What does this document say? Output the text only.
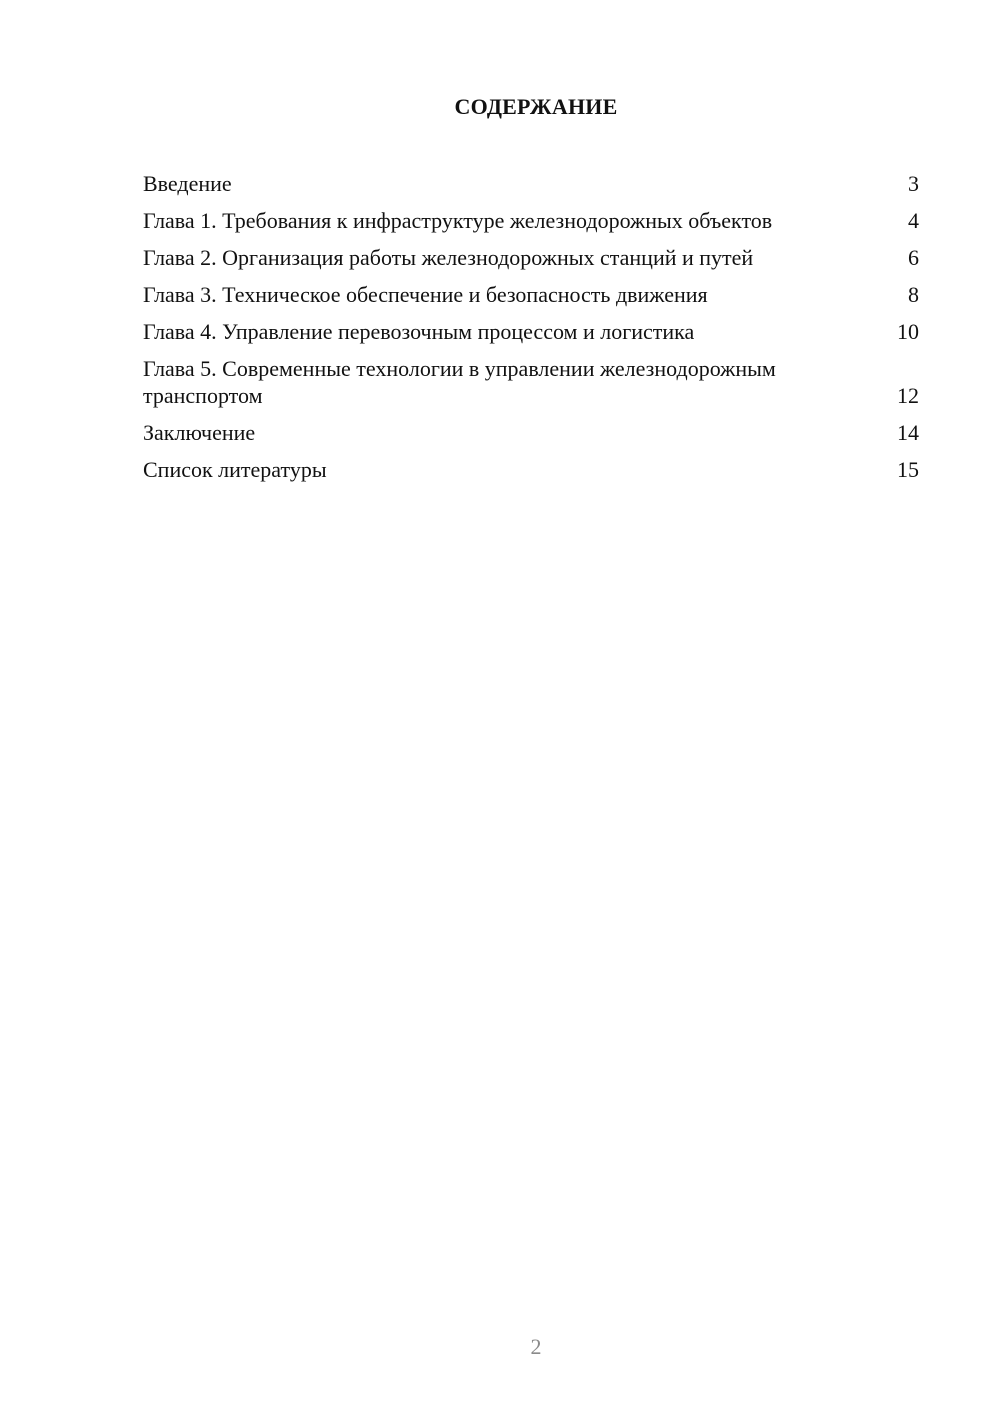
СОДЕРЖАНИЕ
Введение	3
Глава 1. Требования к инфраструктуре железнодорожных объектов	4
Глава 2. Организация работы железнодорожных станций и путей	6
Глава 3. Техническое обеспечение и безопасность движения	8
Глава 4. Управление перевозочным процессом и логистика	10
Глава 5. Современные технологии в управлении железнодорожным транспортом	12
Заключение	14
Список литературы	15
2
